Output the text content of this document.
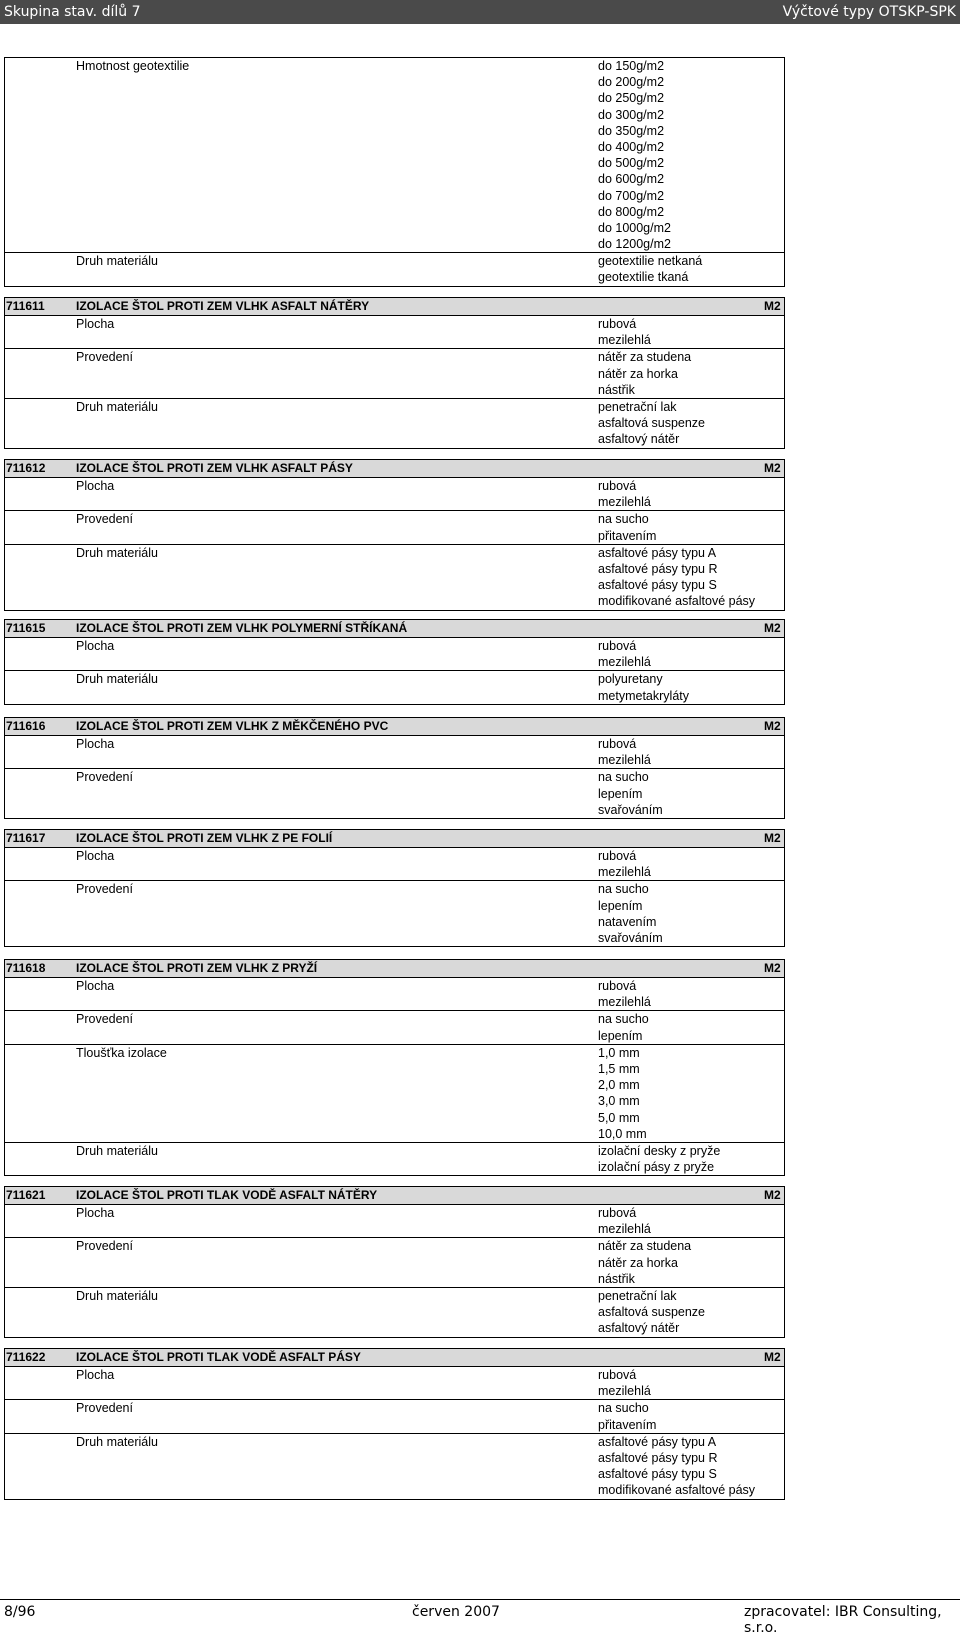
Skupina stav. dílů 7	Výčtové typy OTSKP-SPK
Hmotnost geotextilie	do 150g/m2
do 200g/m2
do 250g/m2
do 300g/m2
do 350g/m2
do 400g/m2
do 500g/m2
do 600g/m2
do 700g/m2
do 800g/m2
do 1000g/m2
do 1200g/m2
Druh materiálu	geotextilie netkaná
geotextilie tkaná
711611	IZOLACE ŠTOL PROTI ZEM VLHK ASFALT NÁTĚRY	M2
Plocha	rubová
mezilehlá
Provedení	nátěr za studena
nátěr za horka
nástřik
Druh materiálu	penetrační lak
asfaltová suspenze
asfaltový nátěr
711612	IZOLACE ŠTOL PROTI ZEM VLHK ASFALT PÁSY	M2
Plocha	rubová
mezilehlá
Provedení	na sucho
přitavením
Druh materiálu	asfaltové pásy typu A
asfaltové pásy typu R
asfaltové pásy typu S
modifikované asfaltové pásy
711615	IZOLACE ŠTOL PROTI ZEM VLHK POLYMERNÍ STŘÍKANÁ	M2
Plocha	rubová
mezilehlá
Druh materiálu	polyuretany
metymetakryláty
711616	IZOLACE ŠTOL PROTI ZEM VLHK Z MĚKČENÉHO PVC	M2
Plocha	rubová
mezilehlá
Provedení	na sucho
lepením
svařováním
711617	IZOLACE ŠTOL PROTI ZEM VLHK Z PE FOLIÍ	M2
Plocha	rubová
mezilehlá
Provedení	na sucho
lepením
natavením
svařováním
711618	IZOLACE ŠTOL PROTI ZEM VLHK Z PRYŽÍ	M2
Plocha	rubová
mezilehlá
Provedení	na sucho
lepením
Tloušťka izolace	1,0 mm
1,5 mm
2,0 mm
3,0 mm
5,0 mm
10,0 mm
Druh materiálu	izolační desky z pryže
izolační pásy z pryže
711621	IZOLACE ŠTOL PROTI TLAK VODĚ ASFALT NÁTĚRY	M2
Plocha	rubová
mezilehlá
Provedení	nátěr za studena
nátěr za horka
nástřik
Druh materiálu	penetrační lak
asfaltová suspenze
asfaltový nátěr
711622	IZOLACE ŠTOL PROTI TLAK VODĚ ASFALT PÁSY	M2
Plocha	rubová
mezilehlá
Provedení	na sucho
přitavením
Druh materiálu	asfaltové pásy typu A
asfaltové pásy typu R
asfaltové pásy typu S
modifikované asfaltové pásy
8/96	červen 2007	zpracovatel: IBR Consulting, s.r.o.
